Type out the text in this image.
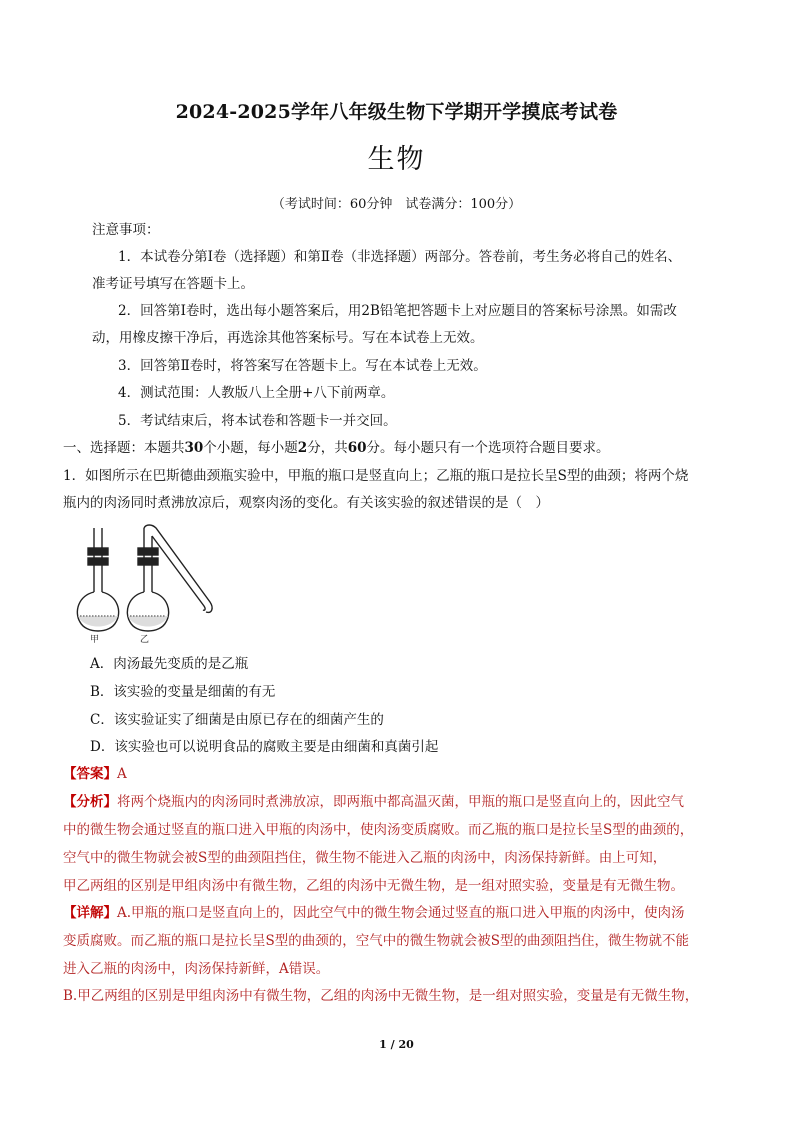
2024-2025学年八年级生物下学期开学摸底考试卷
生物
（考试时间：60分钟　试卷满分：100分）
注意事项：
1．本试卷分第Ⅰ卷（选择题）和第Ⅱ卷（非选择题）两部分。答卷前，考生务必将自己的姓名、
准考证号填写在答题卡上。
2．回答第Ⅰ卷时，选出每小题答案后，用2B铅笔把答题卡上对应题目的答案标号涂黑。如需改
动，用橡皮擦干净后，再选涂其他答案标号。写在本试卷上无效。
3．回答第Ⅱ卷时，将答案写在答题卡上。写在本试卷上无效。
4．测试范围：人教版八上全册+八下前两章。
5．考试结束后，将本试卷和答题卡一并交回。
一、选择题：本题共30个小题，每小题2分，共60分。每小题只有一个选项符合题目要求。
1．如图所示在巴斯德曲颈瓶实验中，甲瓶的瓶口是竖直向上；乙瓶的瓶口是拉长呈S型的曲颈；将两个烧
瓶内的肉汤同时煮沸放凉后，观察肉汤的变化。有关该实验的叙述错误的是（　）
甲	乙
A．肉汤最先变质的是乙瓶
B．该实验的变量是细菌的有无
C．该实验证实了细菌是由原已存在的细菌产生的
D．该实验也可以说明食品的腐败主要是由细菌和真菌引起
【答案】A
【分析】将两个烧瓶内的肉汤同时煮沸放凉，即两瓶中都高温灭菌，甲瓶的瓶口是竖直向上的，因此空气
中的微生物会通过竖直的瓶口进入甲瓶的肉汤中，使肉汤变质腐败。而乙瓶的瓶口是拉长呈S型的曲颈的，
空气中的微生物就会被S型的曲颈阻挡住，微生物不能进入乙瓶的肉汤中，肉汤保持新鲜。由上可知，
甲乙两组的区别是甲组肉汤中有微生物，乙组的肉汤中无微生物，是一组对照实验，变量是有无微生物。
【详解】A.甲瓶的瓶口是竖直向上的，因此空气中的微生物会通过竖直的瓶口进入甲瓶的肉汤中，使肉汤
变质腐败。而乙瓶的瓶口是拉长呈S型的曲颈的，空气中的微生物就会被S型的曲颈阻挡住，微生物就不能
进入乙瓶的肉汤中，肉汤保持新鲜，A错误。
B.甲乙两组的区别是甲组肉汤中有微生物，乙组的肉汤中无微生物，是一组对照实验，变量是有无微生物，
1 / 20
